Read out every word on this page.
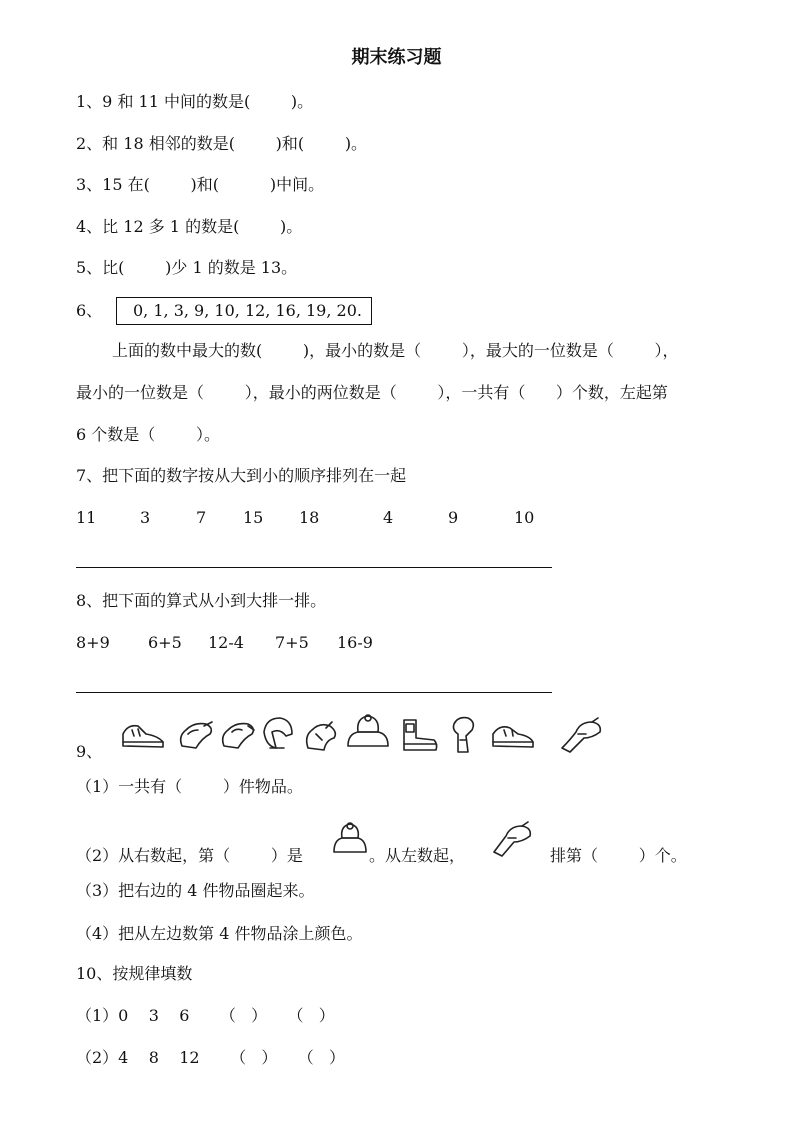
期末练习题
1、9 和 11 中间的数是(        )。
2、和 18 相邻的数是(        )和(        )。
3、15 在(        )和(          )中间。
4、比 12 多 1 的数是(        )。
5、比(        )少 1 的数是 13。
6、 0, 1, 3, 9, 10, 12, 16, 19, 20.
上面的数中最大的数(        )，最小的数是（        ），最大的一位数是（        ），
最小的一位数是（        ），最小的两位数是（        ），一共有（      ）个数，左起第
6 个数是（        ）。
7、把下面的数字按从大到小的顺序排列在一起
11	3	7 15 18	4	9	10
8、把下面的算式从小到大排一排。
8+9 6+5 12-4 7+5 16-9
9、
（1）一共有（        ）件物品。
（2）从右数起，第（        ）是	。从左数起，	排第（        ）个。
（3）把右边的 4 件物品圈起来。
（4）把从左边数第 4 件物品涂上颜色。
10、按规律填数
（1）0    3    6      （   ）    （   ）
（2）4    8    12      （   ）    （   ）
